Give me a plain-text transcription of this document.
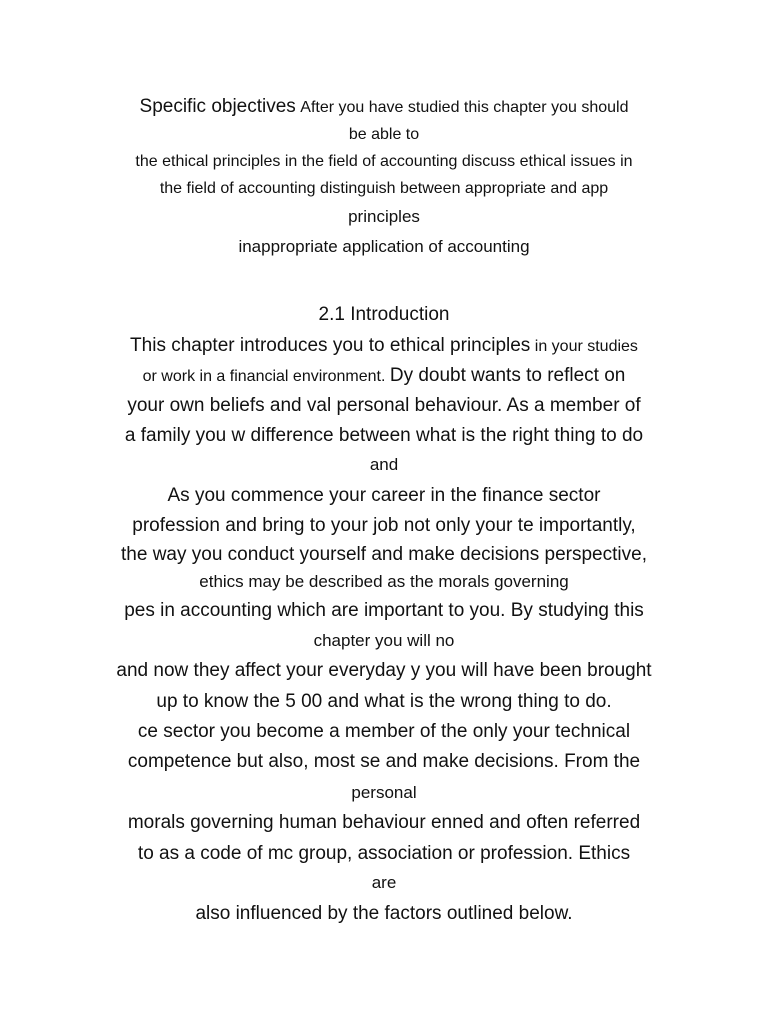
Specific objectives After you have studied this chapter you should
be able to
the ethical principles in the field of accounting discuss ethical issues in
the field of accounting distinguish between appropriate and app
principles
inappropriate application of accounting
2.1 Introduction
This chapter introduces you to ethical principles in your studies
or work in a financial environment. Dy doubt wants to reflect on
your own beliefs and val personal behaviour. As a member of
a family you w difference between what is the right thing to do
and
As you commence your career in the finance sector
profession and bring to your job not only your te importantly,
the way you conduct yourself and make decisions perspective,
ethics may be described as the morals governing
pes in accounting which are important to you. By studying this
chapter you will no
and now they affect your everyday y you will have been brought
up to know the 5 00 and what is the wrong thing to do.
ce sector you become a member of the only your technical
competence but also, most se and make decisions. From the
personal
morals governing human behaviour enned and often referred
to as a code of mc group, association or profession. Ethics
are
also influenced by the factors outlined below.
